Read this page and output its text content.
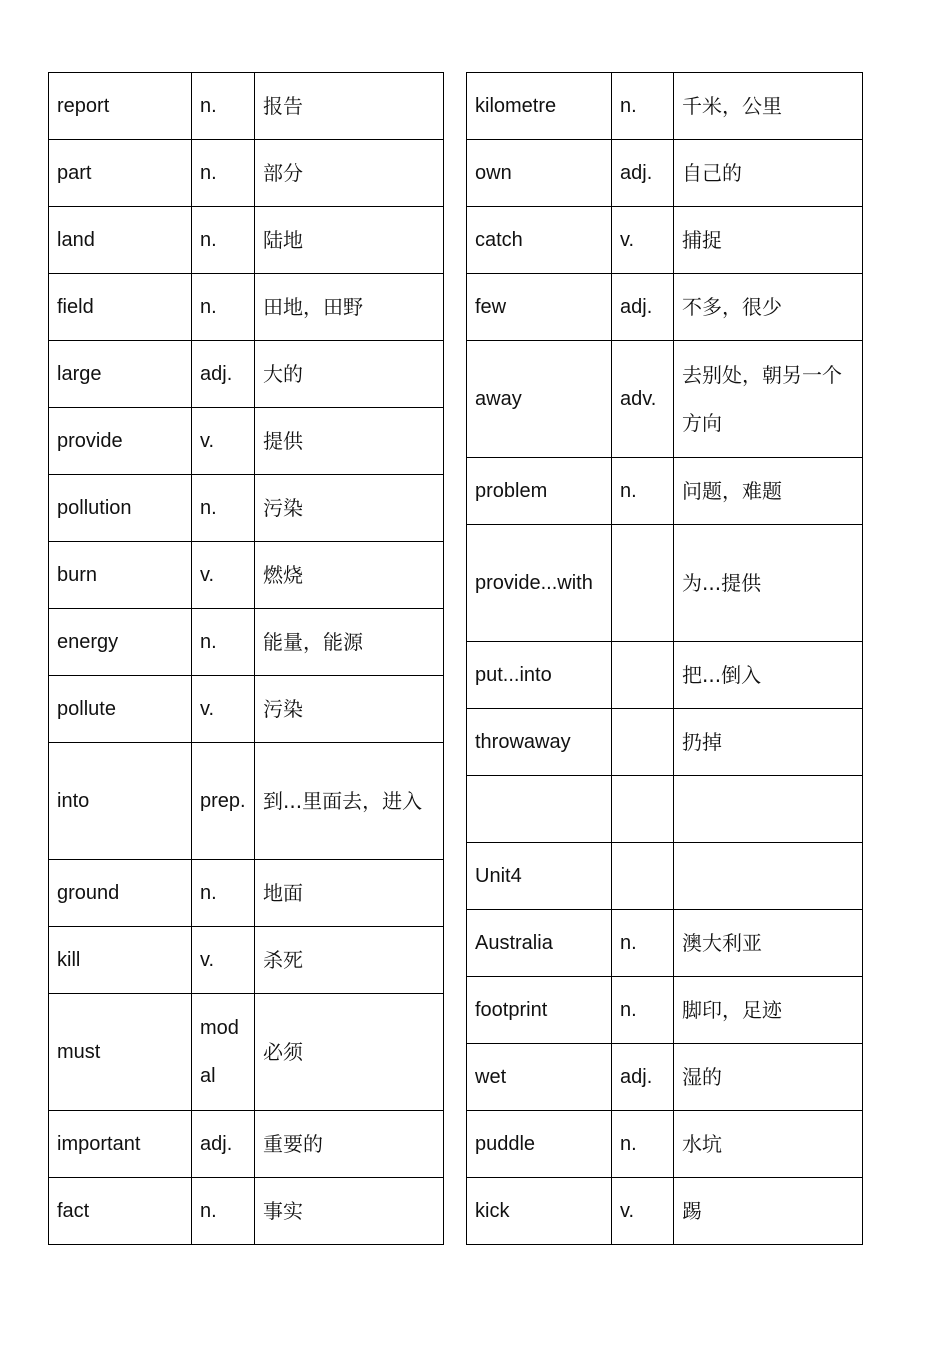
report	n.	报告
part	n.	部分
land	n.	陆地
field	n.	田地，田野
large	adj.	大的
provide	v.	提供
pollution	n.	污染
burn	v.	燃烧
energy	n.	能量，能源
pollute	v.	污染
into	prep.	到...里面去，进入
ground	n.	地面
kill	v.	杀死
must	modal	必须
important	adj.	重要的
fact	n.	事实
kilometre	n.	千米，公里
own	adj.	自己的
catch	v.	捕捉
few	adj.	不多，很少
away	adv.	去别处，朝另一个方向
problem	n.	问题，难题
provide...with		为...提供
put...into		把...倒入
throwaway		扔掉

Unit4		
Australia	n.	澳大利亚
footprint	n.	脚印，足迹
wet	adj.	湿的
puddle	n.	水坑
kick	v.	踢
